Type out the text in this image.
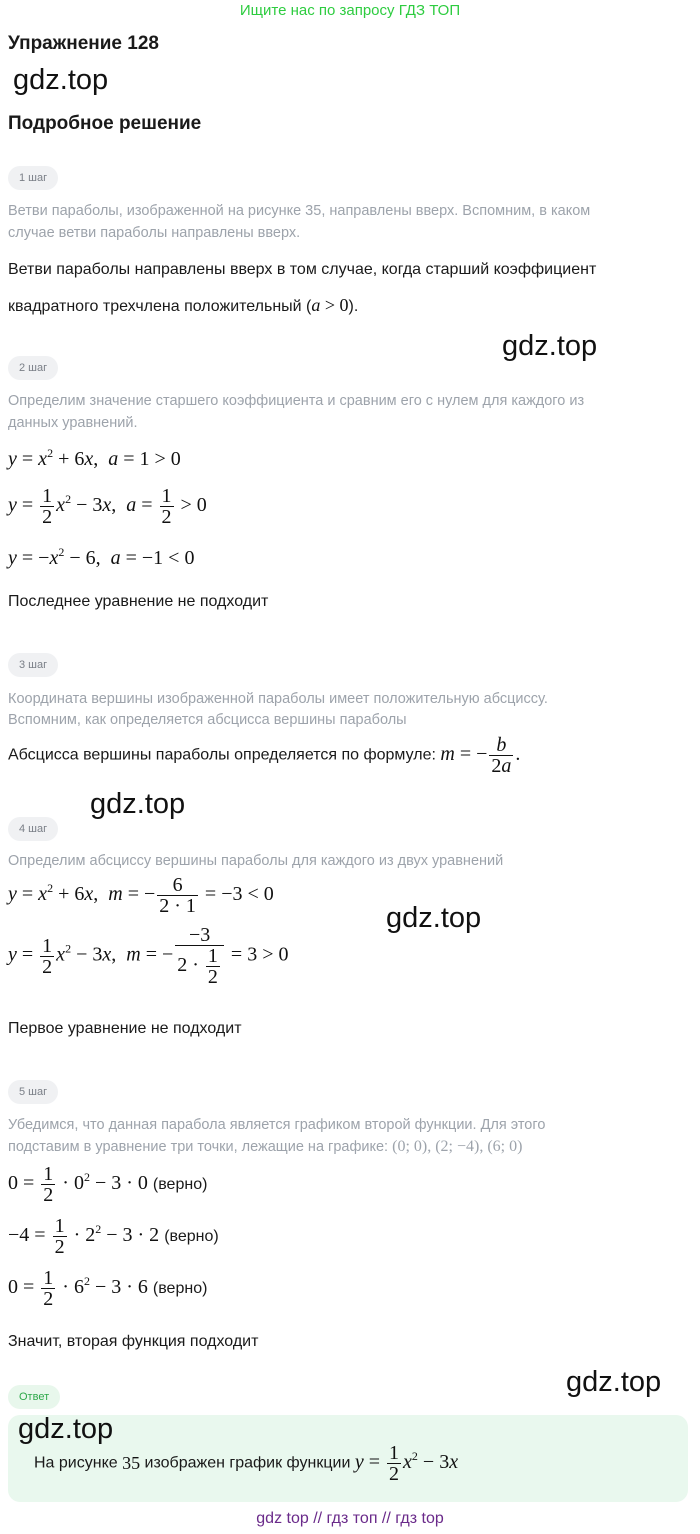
Ищите нас по запросу ГДЗ ТОП
Упражнение 128
gdz.top
Подробное решение
1 шаг
Ветви параболы, изображенной на рисунке 35, направлены вверх. Вспомним, в каком
случае ветви параболы направлены вверх.
Ветви параболы направлены вверх в том случае, когда старший коэффициент
квадратного трехчлена положительный (a > 0).
gdz.top
2 шаг
Определим значение старшего коэффициента и сравним его с нулем для каждого из
данных уравнений.
$y = x^2 + 6x$,  a = 1 > 0
$y = \frac{1}{2} x^2 - 3x$,  $a = \frac{1}{2} > 0$
$y = -x^2 - 6$,  a = −1 < 0
Последнее уравнение не подходит
3 шаг
Координата вершины изображенной параболы имеет положительную абсциссу.
Вспомним, как определяется абсцисса вершины параболы
Абсцисса вершины параболы определяется по формуле: m = − $\frac{b}{2a}$ .
gdz.top
4 шаг
Определим абсциссу вершины параболы для каждого из двух уравнений
$y = x^2 + 6x$,  m = − $\frac{6}{2 \cdot 1} = -3 < 0$
gdz.top
$y = \frac{1}{2} x^2 - 3x$,  m = − $\frac{-3}{2 \cdot \frac{1}{2}} = 3 > 0$
Первое уравнение не подходит
5 шаг
Убедимся, что данная парабола является графиком второй функции. Для этого
подставим в уравнение три точки, лежащие на графике: (0; 0), (2; −4), (6; 0)
$0 = \frac{1}{2} \cdot 0^2 - 3 \cdot 0$ (верно)
$-4 = \frac{1}{2} \cdot 2^2 - 3 \cdot 2$ (верно)
$0 = \frac{1}{2} \cdot 6^2 - 3 \cdot 6$ (верно)
Значит, вторая функция подходит
Ответ	gdz.top
gdz.top
На рисунке 35 изображен график функции $y = \frac{1}{2} x^2 - 3x$
gdz top // гдз топ // гдз top
